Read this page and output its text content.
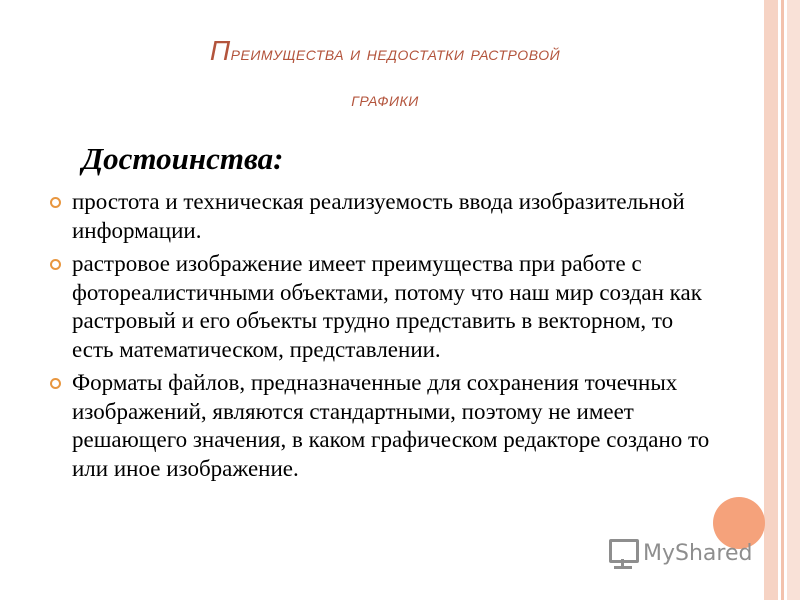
Преимущества и недостатки растровой
графики
Достоинства:
простота и техническая реализуемость ввода изобразительной информации.
растровое изображение имеет преимущества при работе с фотореалистичными объектами, потому что наш мир создан как растровый и его объекты трудно представить в векторном, то есть математическом, представлении.
Форматы файлов, предназначенные для сохранения точечных изображений, являются стандартными, поэтому не имеет решающего значения, в каком графическом редакторе создано то или иное изображение.
MyShared
